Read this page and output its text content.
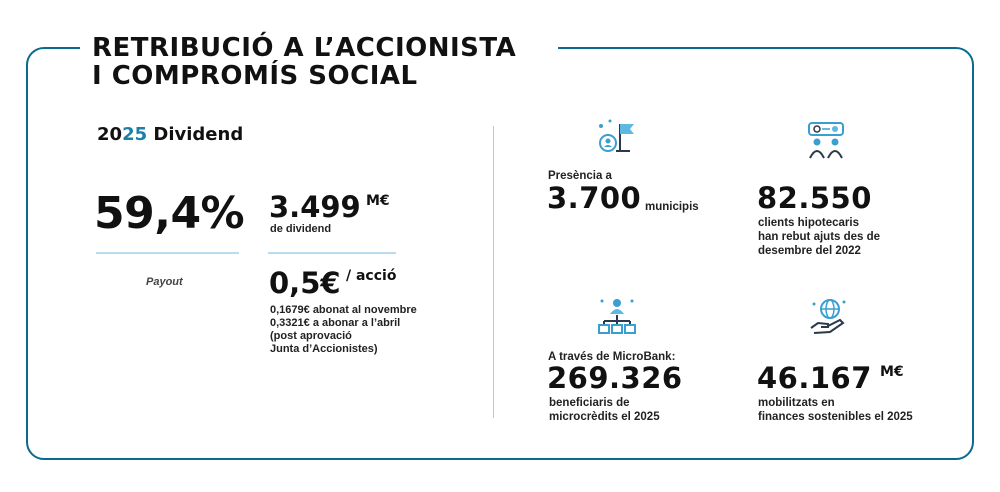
RETRIBUCIÓ A L’ACCIONISTA
I COMPROMÍS SOCIAL
2025 Dividend
59,4%
Payout
3.499 M€
de dividend
0,5€ / acció
0,1679€ abonat al novembre
0,3321€ a abonar a l’abril
(post aprovació
Junta d’Accionistes)
Presència a
3.700 municipis 82.550
clients hipotecaris
han rebut ajuts des de
desembre del 2022
A través de MicroBank:
269.326
beneficiaris de
microcrèdits el 2025
46.167 M€
mobilitzats en
finances sostenibles el 2025
